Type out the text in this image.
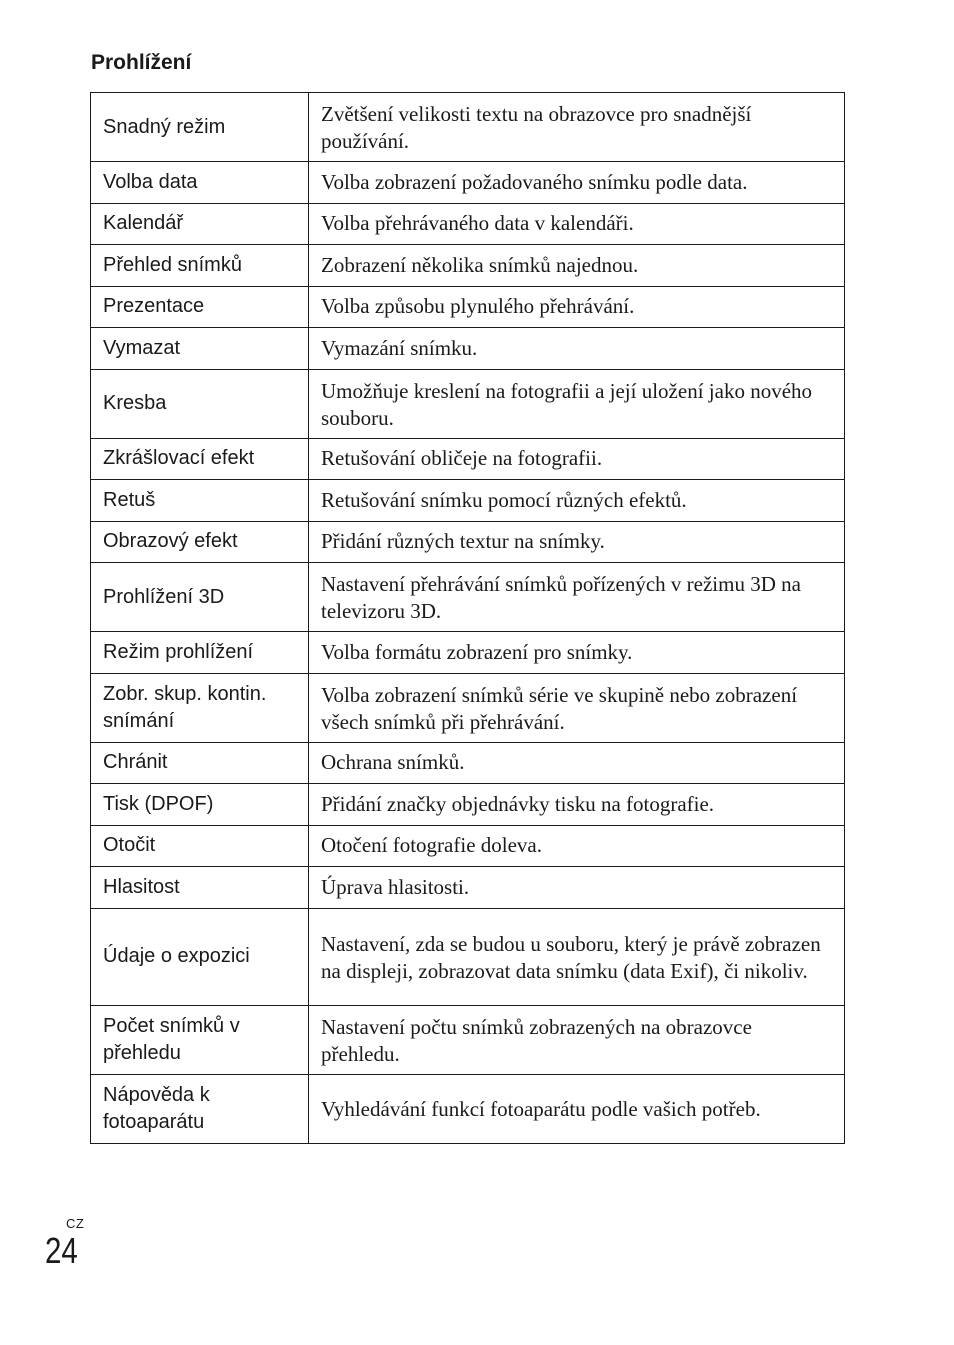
Prohlížení
Snadný režim	Zvětšení velikosti textu na obrazovce pro snadnější používání.
Volba data	Volba zobrazení požadovaného snímku podle data.
Kalendář	Volba přehrávaného data v kalendáři.
Přehled snímků	Zobrazení několika snímků najednou.
Prezentace	Volba způsobu plynulého přehrávání.
Vymazat	Vymazání snímku.
Kresba	Umožňuje kreslení na fotografii a její uložení jako nového souboru.
Zkrášlovací efekt	Retušování obličeje na fotografii.
Retuš	Retušování snímku pomocí různých efektů.
Obrazový efekt	Přidání různých textur na snímky.
Prohlížení 3D	Nastavení přehrávání snímků pořízených v režimu 3D na televizoru 3D.
Režim prohlížení	Volba formátu zobrazení pro snímky.
Zobr. skup. kontin. snímání	Volba zobrazení snímků série ve skupině nebo zobrazení všech snímků při přehrávání.
Chránit	Ochrana snímků.
Tisk (DPOF)	Přidání značky objednávky tisku na fotografie.
Otočit	Otočení fotografie doleva.
Hlasitost	Úprava hlasitosti.
Údaje o expozici	Nastavení, zda se budou u souboru, který je právě zobrazen na displeji, zobrazovat data snímku (data Exif), či nikoliv.
Počet snímků v přehledu	Nastavení počtu snímků zobrazených na obrazovce přehledu.
Nápověda k fotoaparátu	Vyhledávání funkcí fotoaparátu podle vašich potřeb.
CZ
24
